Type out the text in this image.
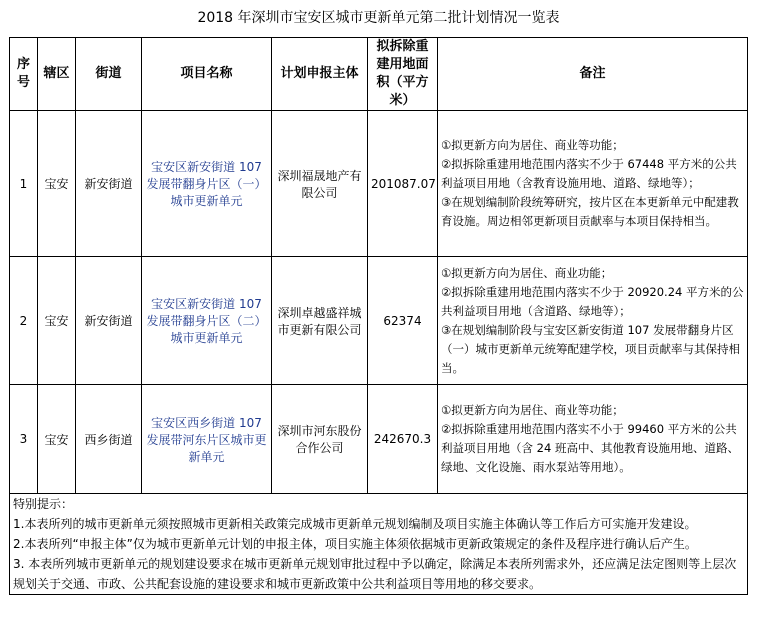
2018 年深圳市宝安区城市更新单元第二批计划情况一览表
序号	辖区	街道	项目名称	计划申报主体	拟拆除重建用地面积（平方米）	备注
1	宝安	新安街道	宝安区新安街道 107 发展带翻身片区（一）城市更新单元	深圳福晟地产有限公司	201087.07	①拟更新方向为居住、商业等功能；
②拟拆除重建用地范围内落实不少于 67448 平方米的公共利益项目用地（含教育设施用地、道路、绿地等）；
③在规划编制阶段统筹研究，按片区在本更新单元中配建教育设施。周边相邻更新项目贡献率与本项目保持相当。

2	宝安	新安街道	宝安区新安街道 107 发展带翻身片区（二）城市更新单元	深圳卓越盛祥城市更新有限公司	62374	①拟更新方向为居住、商业功能；
②拟拆除重建用地范围内落实不少于 20920.24 平方米的公共利益项目用地（含道路、绿地等）；
③在规划编制阶段与宝安区新安街道 107 发展带翻身片区（一）城市更新单元统筹配建学校，项目贡献率与其保持相当。

3	宝安	西乡街道	宝安区西乡街道 107 发展带河东片区城市更新单元	深圳市河东股份合作公司	242670.3	①拟更新方向为居住、商业等功能；
②拟拆除重建用地范围内落实不小于 99460 平方米的公共利益项目用地（含 24 班高中、其他教育设施用地、道路、绿地、文化设施、雨水泵站等用地）。

特别提示：
1.本表所列的城市更新单元须按照城市更新相关政策完成城市更新单元规划编制及项目实施主体确认等工作后方可实施开发建设。
2.本表所列“申报主体”仅为城市更新单元计划的申报主体，项目实施主体须依据城市更新政策规定的条件及程序进行确认后产生。
3. 本表所列城市更新单元的规划建设要求在城市更新单元规划审批过程中予以确定，除满足本表所列需求外，还应满足法定图则等上层次规划关于交通、市政、公共配套设施的建设要求和城市更新政策中公共利益项目等用地的移交要求。						
